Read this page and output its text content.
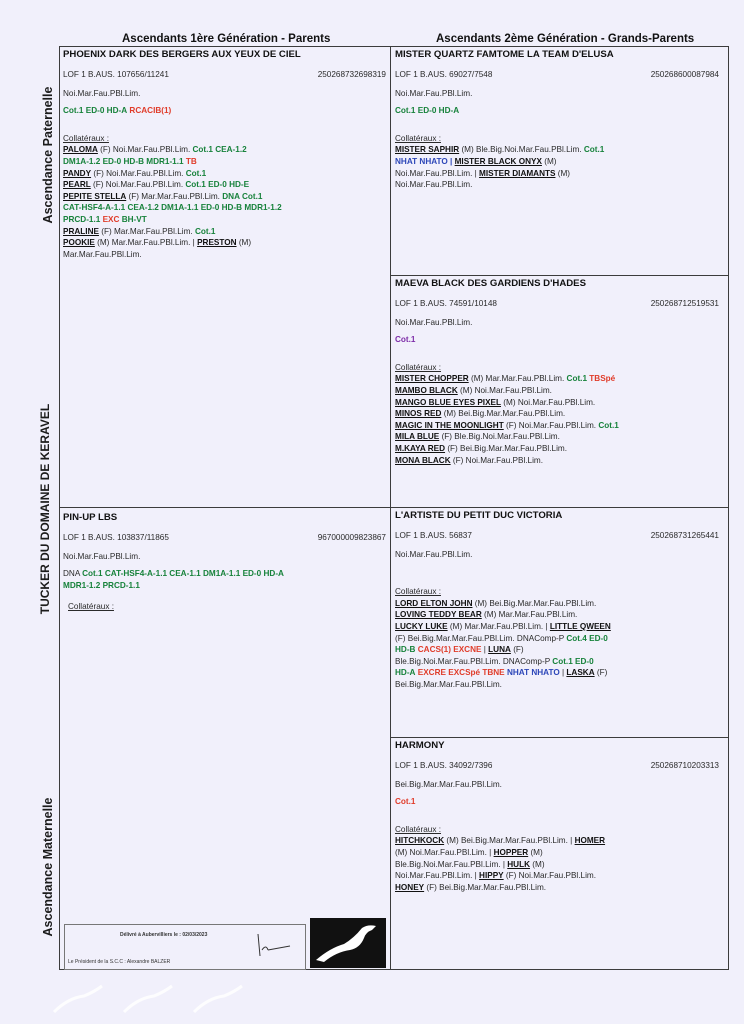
Ascendants 1ère Génération - Parents	Ascendants 2ème Génération - Grands-Parents
Ascendance Paternelle
TUCKER DU DOMAINE DE KERAVEL
Ascendance Maternelle
PHOENIX DARK DES BERGERS AUX YEUX DE CIEL
LOF 1 B.AUS. 107656/11241	250268732698319
Noi.Mar.Fau.PBl.Lim.
Cot.1 ED-0 HD-A RCACIB(1)
Collatéraux :
PALOMA (F) Noi.Mar.Fau.PBl.Lim. Cot.1 CEA-1.2
DM1A-1.2 ED-0 HD-B MDR1-1.1 TB
PANDY (F) Noi.Mar.Fau.PBl.Lim. Cot.1
PEARL (F) Noi.Mar.Fau.PBl.Lim. Cot.1 ED-0 HD-E
PEPITE STELLA (F) Mar.Mar.Fau.PBl.Lim. DNA Cot.1
CAT-HSF4-A-1.1 CEA-1.2 DM1A-1.1 ED-0 HD-B MDR1-1.2
PRCD-1.1 EXC BH-VT
PRALINE (F) Mar.Mar.Fau.PBl.Lim. Cot.1
POOKIE (M) Mar.Mar.Fau.PBl.Lim. | PRESTON (M)
Mar.Mar.Fau.PBl.Lim.
MISTER QUARTZ FAMTOME LA TEAM D'ELUSA
LOF 1 B.AUS. 69027/7548	250268600087984
Noi.Mar.Fau.PBl.Lim.
Cot.1 ED-0 HD-A
Collatéraux :
MISTER SAPHIR (M) Ble.Big.Noi.Mar.Fau.PBl.Lim. Cot.1
NHAT NHATO | MISTER BLACK ONYX (M)
Noi.Mar.Fau.PBl.Lim. | MISTER DIAMANTS (M)
Noi.Mar.Fau.PBl.Lim.
MAEVA BLACK DES GARDIENS D'HADES
LOF 1 B.AUS. 74591/10148	250268712519531
Noi.Mar.Fau.PBl.Lim.
Cot.1
Collatéraux :
MISTER CHOPPER (M) Mar.Mar.Fau.PBl.Lim. Cot.1 TBSpé
MAMBO BLACK (M) Noi.Mar.Fau.PBl.Lim.
MANGO BLUE EYES PIXEL (M) Noi.Mar.Fau.PBl.Lim.
MINOS RED (M) Bei.Big.Mar.Mar.Fau.PBl.Lim.
MAGIC IN THE MOONLIGHT (F) Noi.Mar.Fau.PBl.Lim. Cot.1
MILA BLUE (F) Ble.Big.Noi.Mar.Fau.PBl.Lim.
M.KAYA RED (F) Bei.Big.Mar.Mar.Fau.PBl.Lim.
MONA BLACK (F) Noi.Mar.Fau.PBl.Lim.
PIN-UP LBS
LOF 1 B.AUS. 103837/11865	967000009823867
Noi.Mar.Fau.PBl.Lim.
DNA Cot.1 CAT-HSF4-A-1.1 CEA-1.1 DM1A-1.1 ED-0 HD-A
MDR1-1.2 PRCD-1.1
Collatéraux :
L'ARTISTE DU PETIT DUC VICTORIA
LOF 1 B.AUS. 56837	250268731265441
Noi.Mar.Fau.PBl.Lim.
Collatéraux :
LORD ELTON JOHN (M) Bei.Big.Mar.Mar.Fau.PBl.Lim.
LOVING TEDDY BEAR (M) Mar.Mar.Fau.PBl.Lim.
LUCKY LUKE (M) Mar.Mar.Fau.PBl.Lim. | LITTLE QWEEN
(F) Bei.Big.Mar.Mar.Fau.PBl.Lim. DNAComp-P Cot.4 ED-0
HD-B CACS(1) EXCNE | LUNA (F)
Ble.Big.Noi.Mar.Fau.PBl.Lim. DNAComp-P Cot.1 ED-0
HD-A EXCRE EXCSpé TBNE NHAT NHATO | LASKA (F)
Bei.Big.Mar.Mar.Fau.PBl.Lim.
HARMONY
LOF 1 B.AUS. 34092/7396	250268710203313
Bei.Big.Mar.Mar.Fau.PBl.Lim.
Cot.1
Collatéraux :
HITCHKOCK (M) Bei.Big.Mar.Mar.Fau.PBl.Lim. | HOMER
(M) Noi.Mar.Fau.PBl.Lim. | HOPPER (M)
Ble.Big.Noi.Mar.Fau.PBl.Lim. | HULK (M)
Noi.Mar.Fau.PBl.Lim. | HIPPY (F) Noi.Mar.Fau.PBl.Lim.
HONEY (F) Bei.Big.Mar.Mar.Fau.PBl.Lim.
Délivré à Aubervilliers le : 02/03/2023
Le Président de la S.C.C : Alexandre BALZER
